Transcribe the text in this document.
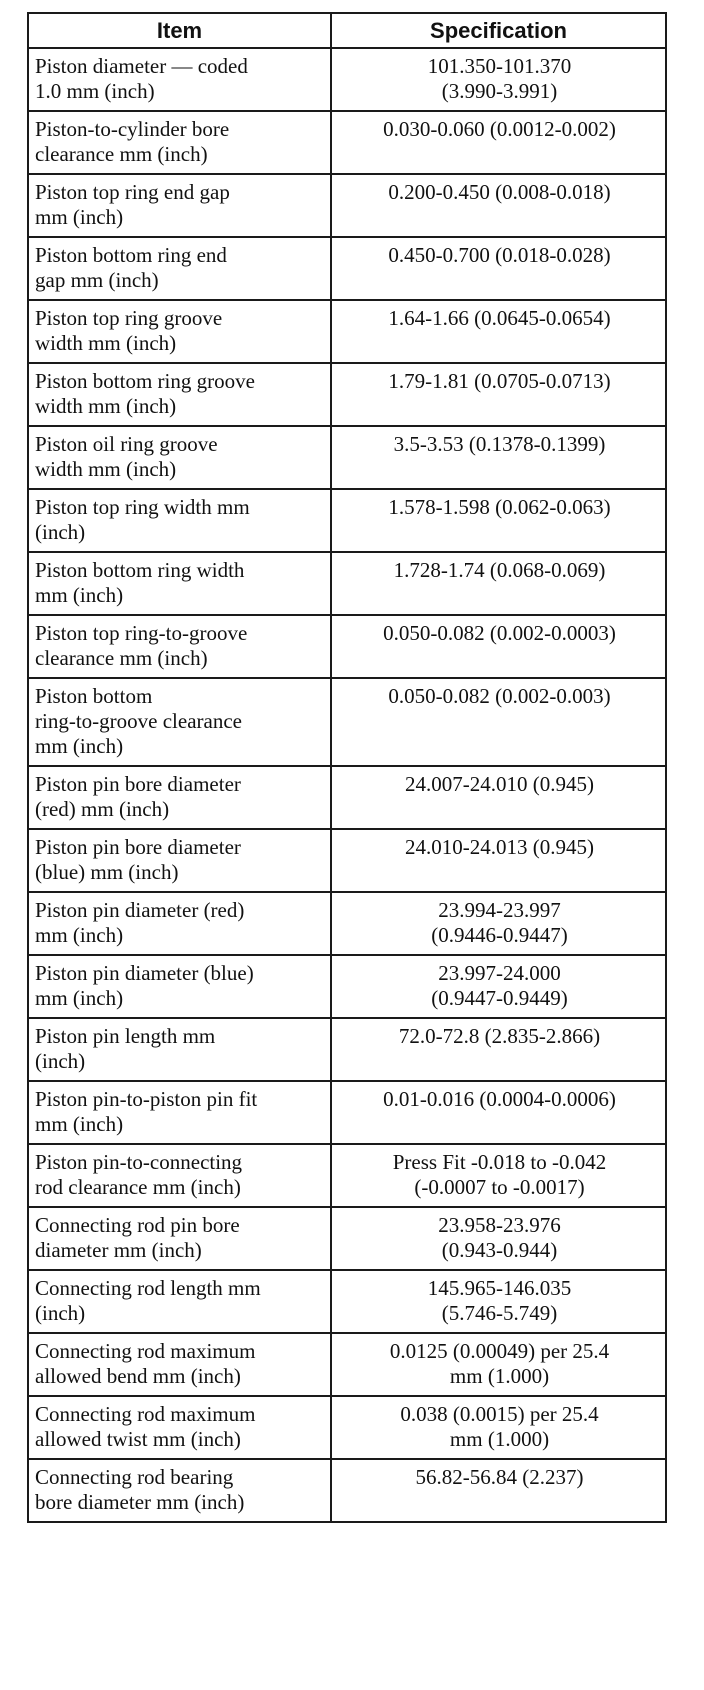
Item	Specification

Piston diameter — coded
1.0 mm (inch)	101.350-101.370
(3.990-3.991)

Piston-to-cylinder bore
clearance mm (inch)	0.030-0.060 (0.0012-0.002)

Piston top ring end gap
mm (inch)	0.200-0.450 (0.008-0.018)

Piston bottom ring end
gap mm (inch)	0.450-0.700 (0.018-0.028)

Piston top ring groove
width mm (inch)	1.64-1.66 (0.0645-0.0654)

Piston bottom ring groove
width mm (inch)	1.79-1.81 (0.0705-0.0713)

Piston oil ring groove
width mm (inch)	3.5-3.53 (0.1378-0.1399)

Piston top ring width mm
(inch)	1.578-1.598 (0.062-0.063)

Piston bottom ring width
mm (inch)	1.728-1.74 (0.068-0.069)

Piston top ring-to-groove
clearance mm (inch)	0.050-0.082 (0.002-0.0003)

Piston bottom
ring-to-groove clearance
mm (inch)	0.050-0.082 (0.002-0.003)

Piston pin bore diameter
(red) mm (inch)	24.007-24.010 (0.945)

Piston pin bore diameter
(blue) mm (inch)	24.010-24.013 (0.945)

Piston pin diameter (red)
mm (inch)	23.994-23.997
(0.9446-0.9447)

Piston pin diameter (blue)
mm (inch)	23.997-24.000
(0.9447-0.9449)

Piston pin length mm
(inch)	72.0-72.8 (2.835-2.866)

Piston pin-to-piston pin fit
mm (inch)	0.01-0.016 (0.0004-0.0006)

Piston pin-to-connecting
rod clearance mm (inch)	Press Fit -0.018 to -0.042
(-0.0007 to -0.0017)

Connecting rod pin bore
diameter mm (inch)	23.958-23.976
(0.943-0.944)

Connecting rod length mm
(inch)	145.965-146.035
(5.746-5.749)

Connecting rod maximum
allowed bend mm (inch)	0.0125 (0.00049) per 25.4
mm (1.000)

Connecting rod maximum
allowed twist mm (inch)	0.038 (0.0015) per 25.4
mm (1.000)

Connecting rod bearing
bore diameter mm (inch)	56.82-56.84 (2.237)
